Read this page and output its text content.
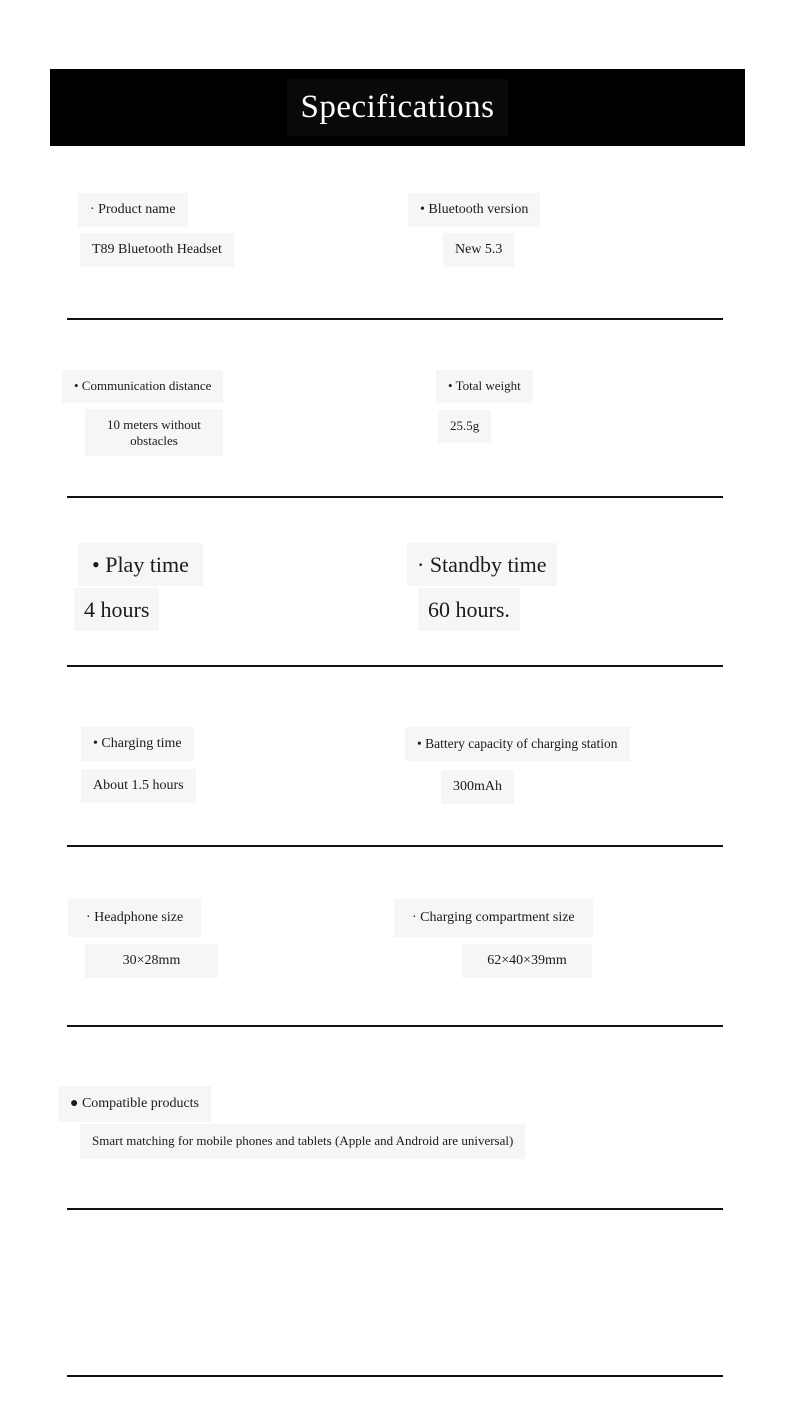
Specifications
· Product name
T89 Bluetooth Headset
• Bluetooth version
New 5.3
• Communication distance
10 meters without obstacles
• Total weight
25.5g
• Play time
4 hours
· Standby time
60 hours.
• Charging time
About 1.5 hours
• Battery capacity of charging station
300mAh
· Headphone size
30×28mm
· Charging compartment size
62×40×39mm
● Compatible products
Smart matching for mobile phones and tablets (Apple and Android are universal)
